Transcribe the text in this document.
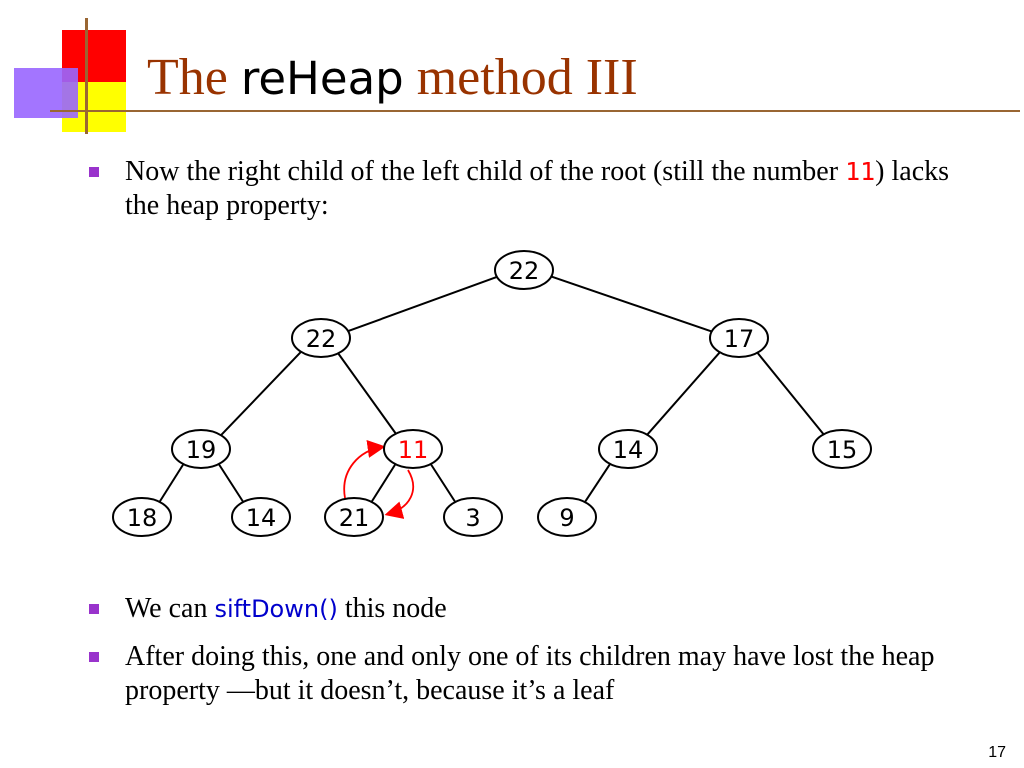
The reHeap method III

Now the right child of the left child of the root (still the number 11) lacks the heap property:

22
22	17
19	11	14	15
18	14	21	3	9

We can siftDown() this node

After doing this, one and only one of its children may have lost the heap property —but it doesn’t, because it’s a leaf

17
